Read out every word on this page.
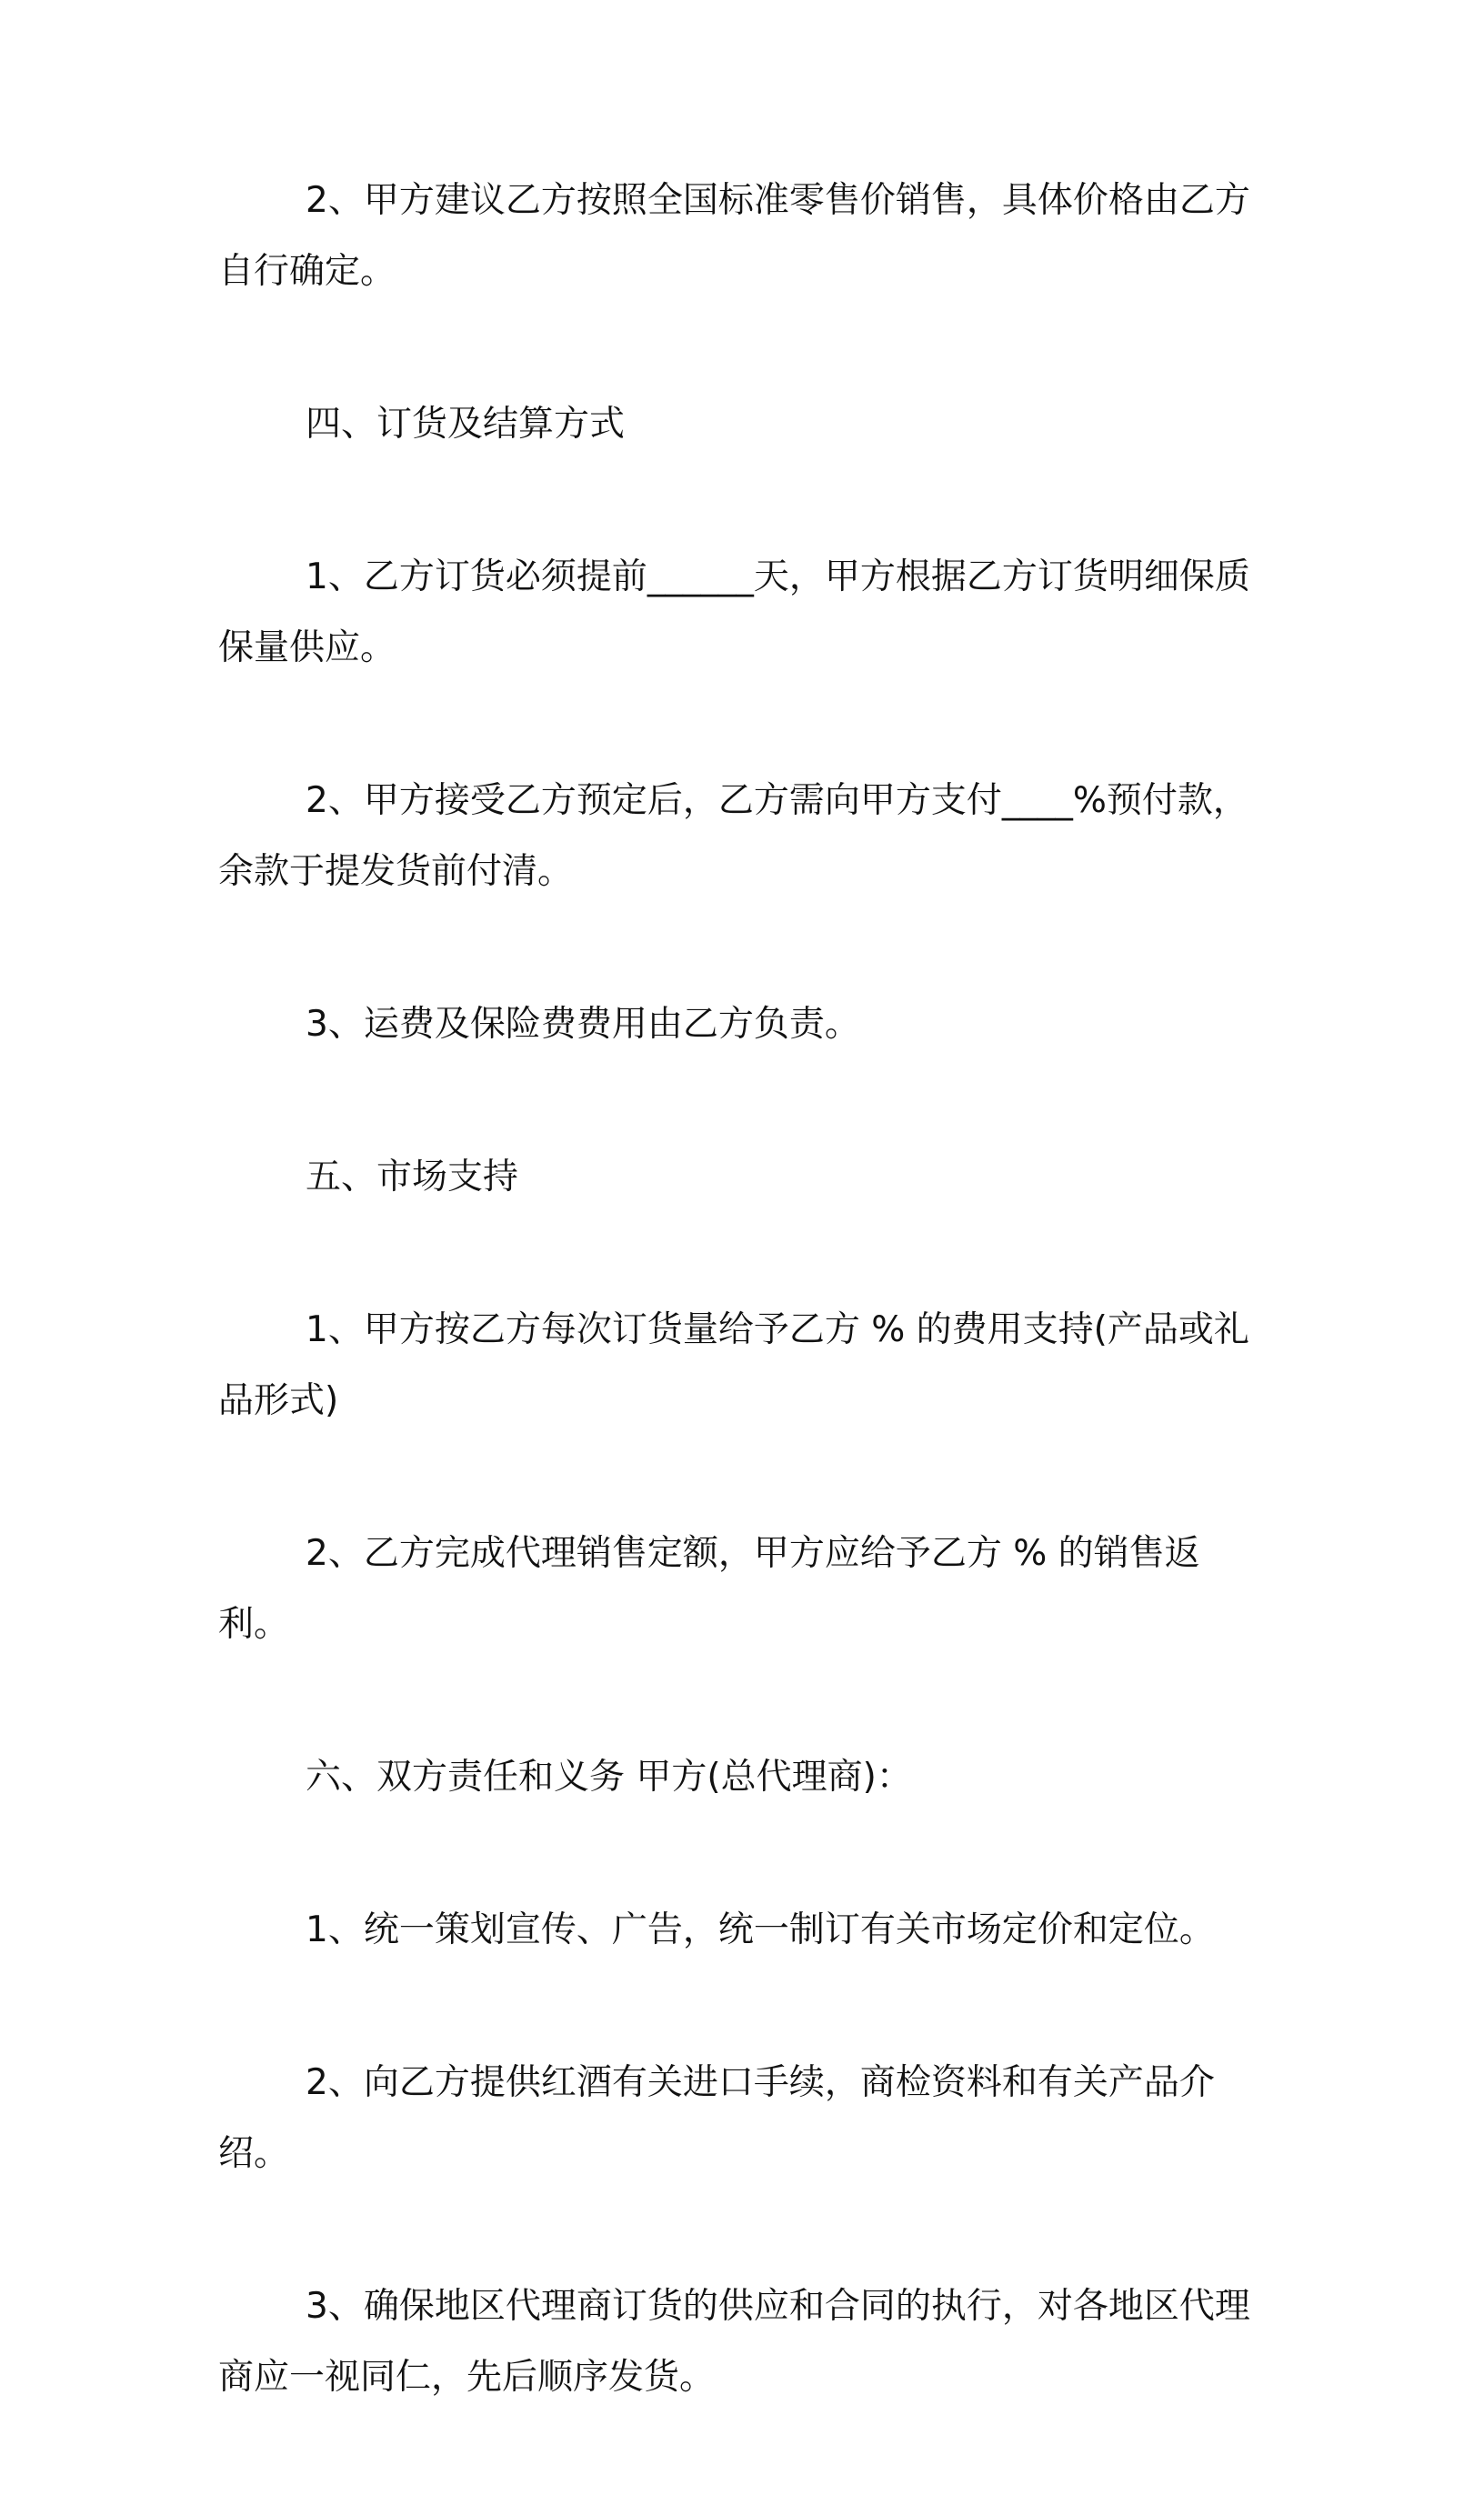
2、甲方建议乙方按照全国标准零售价销售，具体价格由乙方自行确定。

四、订货及结算方式

1、乙方订货必须提前______天，甲方根据乙方订货明细保质保量供应。

2、甲方接受乙方预定后，乙方需向甲方支付____%预付款，余款于提发货前付清。

3、运费及保险费费用由乙方负责。

五、市场支持

1、甲方按乙方每次订货量给予乙方 % 的费用支持(产品或礼品形式)

2、乙方完成代理销售定额，甲方应给予乙方 % 的销售返利。

六、双方责任和义务 甲方(总代理商)：

1、统一策划宣传、广告，统一制订有关市场定价和定位。

2、向乙方提供红酒有关进口手续，商检资料和有关产品介绍。

3、确保地区代理商订货的供应和合同的执行，对各地区代理商应一视同仁，先后顺序发货。
